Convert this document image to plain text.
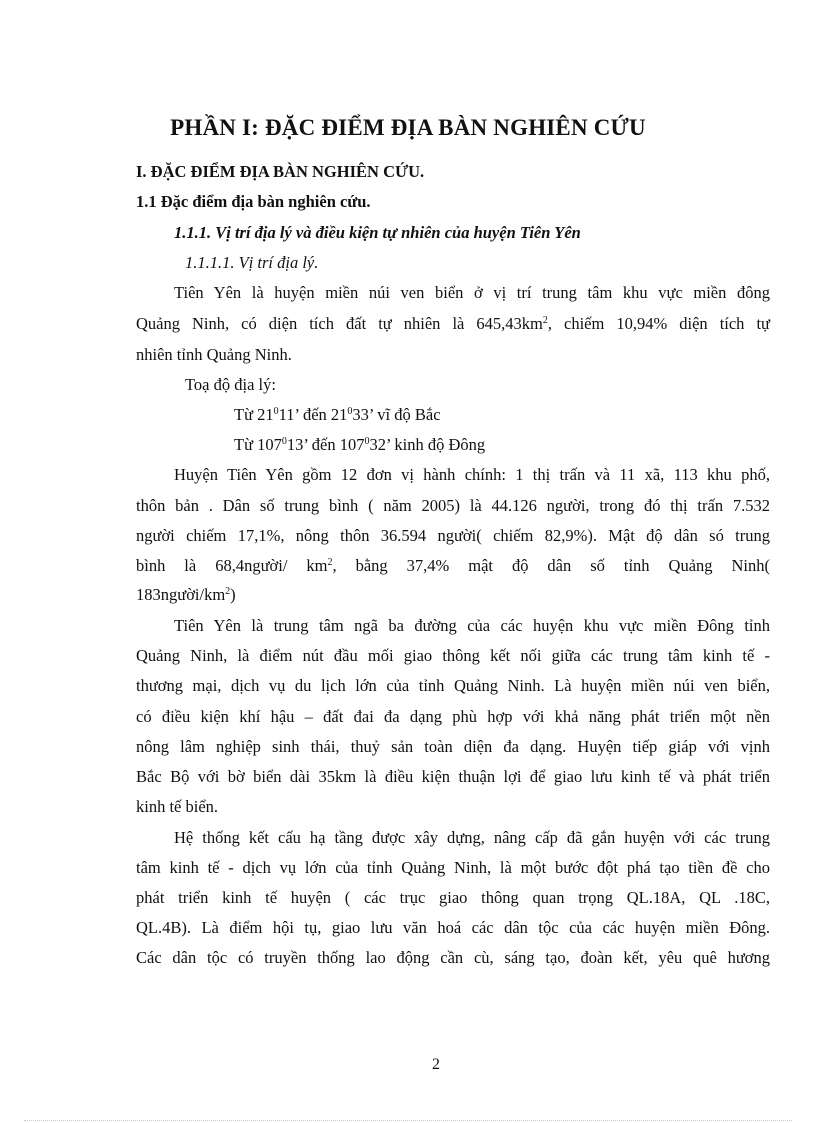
PHẦN I: ĐẶC ĐIỂM ĐỊA BÀN NGHIÊN CỨU
I. ĐẶC ĐIỂM ĐỊA BÀN NGHIÊN CỨU.
1.1 Đặc điểm địa bàn nghiên cứu.
1.1.1. Vị trí địa lý và điều kiện tự nhiên của huyện Tiên Yên
1.1.1.1. Vị trí địa lý.
Tiên Yên là huyện miền núi ven biển ở vị trí trung tâm khu vực miền đông
Quảng Ninh, có diện tích đất tự nhiên là $645,43km^2$, chiếm 10,94% diện tích tự
nhiên tỉnh Quảng Ninh.
Toạ độ địa lý:
Từ $21^011$’ đến $21^033$’ vĩ độ Bắc
Từ $107^013$’ đến $107^032$’ kinh độ Đông
Huyện Tiên Yên gồm 12 đơn vị hành chính: 1 thị trấn và 11 xã, 113 khu phố,
thôn bản . Dân số trung bình ( năm 2005) là 44.126 người, trong đó thị trấn 7.532
người chiếm 17,1%, nông thôn 36.594 người( chiếm 82,9%). Mật độ dân só trung
bình là 68,4người/ $km^2$, bằng 37,4% mật độ dân số tỉnh Quảng Ninh(
$183người/km^2$)
Tiên Yên là trung tâm ngã ba đường của các huyện khu vực miền Đông tỉnh
Quảng Ninh, là điểm nút đầu mối giao thông kết nối giữa các trung tâm kinh tế -
thương mại, dịch vụ du lịch lớn của tỉnh Quảng Ninh. Là huyện miền núi ven biển,
có điều kiện khí hậu – đất đai đa dạng phù hợp với khả năng phát triển một nền
nông lâm nghiệp sinh thái, thuỷ sản toàn diện đa dạng. Huyện tiếp giáp với vịnh
Bắc Bộ với bờ biển dài 35km là điều kiện thuận lợi để giao lưu kinh tế và phát triển
kinh tế biển.
Hệ thống kết cấu hạ tầng được xây dựng, nâng cấp đã gắn huyện với các trung
tâm kinh tế - dịch vụ lớn của tỉnh Quảng Ninh, là một bước đột phá tạo tiền đề cho
phát triển kinh tế huyện ( các trục giao thông quan trọng QL.18A, QL .18C,
QL.4B). Là điểm hội tụ, giao lưu văn hoá các dân tộc của các huyện miền Đông.
Các dân tộc có truyền thống lao động cần cù, sáng tạo, đoàn kết, yêu quê hương
2
